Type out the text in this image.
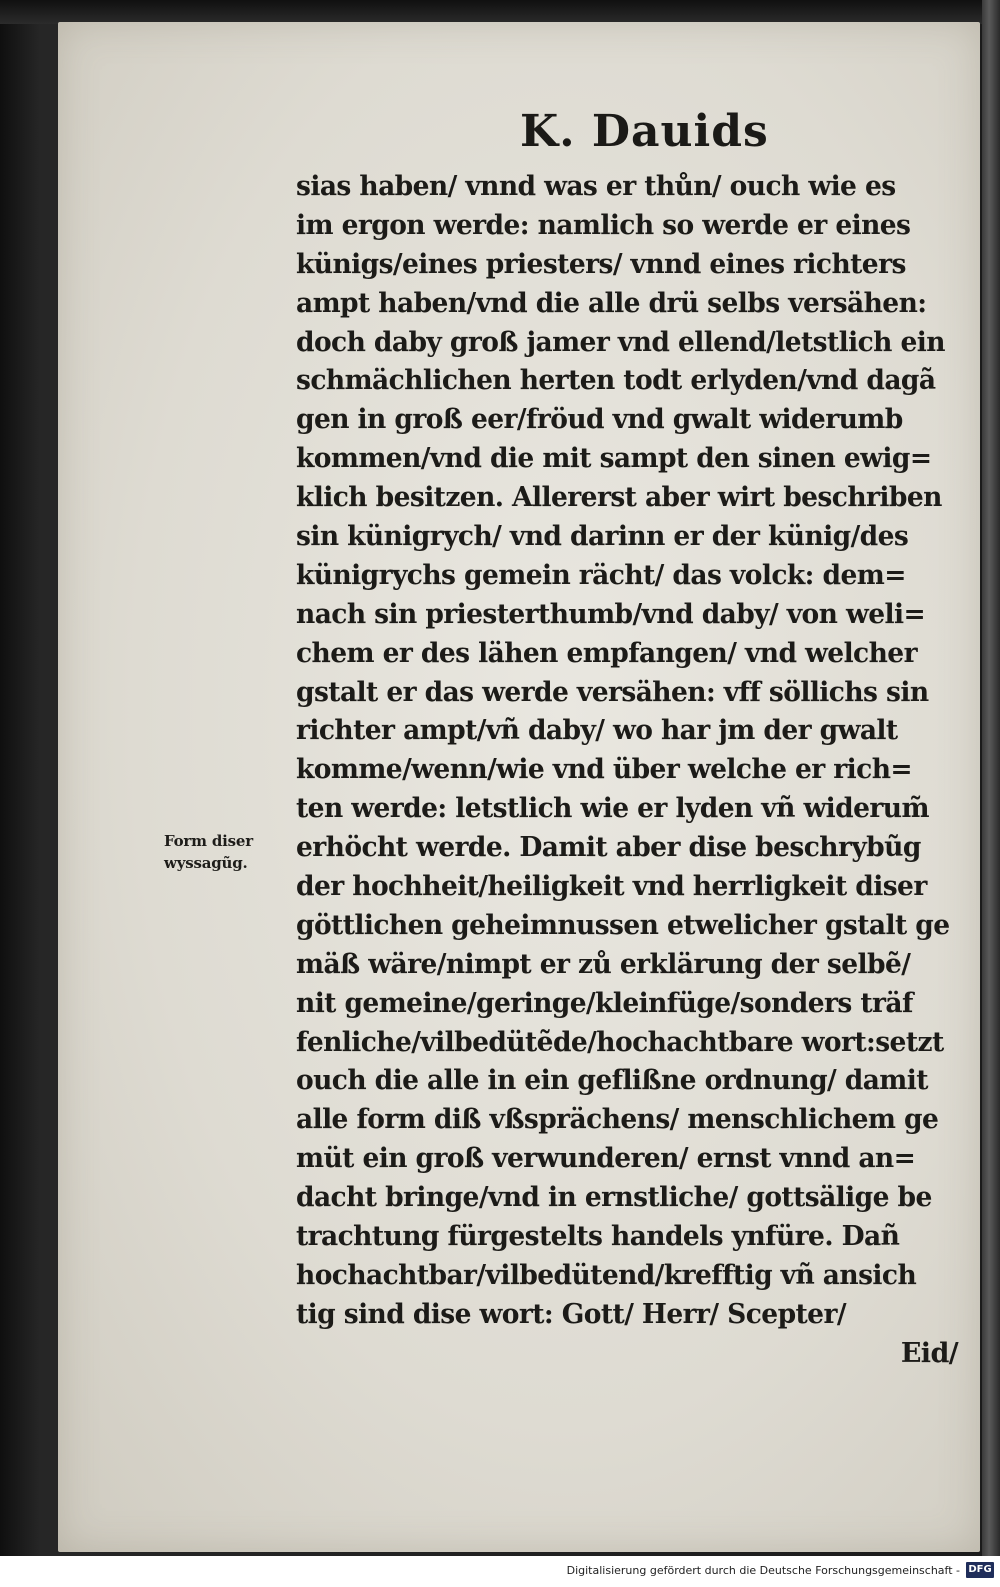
K. Dauids
Form diser
wyssagũg.
sias haben/ vnnd was er thůn/ ouch wie es
im ergon werde: namlich so werde er eines
künigs/eines priesters/ vnnd eines richters
ampt haben/vnd die alle drü selbs versähen:
doch daby groß jamer vnd ellend/letstlich ein
schmächlichen herten todt erlyden/vnd dagã
gen in groß eer/fröud vnd gwalt widerumb
kommen/vnd die mit sampt den sinen ewig=
klich besitzen. Allererst aber wirt beschriben
sin künigrych/ vnd darinn er der künig/des
künigrychs gemein rächt/ das volck: dem=
nach sin priesterthumb/vnd daby/ von weli=
chem er des lähen empfangen/ vnd welcher
gstalt er das werde versähen: vff söllichs sin
richter ampt/vñ daby/ wo har jm der gwalt
komme/wenn/wie vnd über welche er rich=
ten werde: letstlich wie er lyden vñ widerum̃
erhöcht werde. Damit aber dise beschrybũg
der hochheit/heiligkeit vnd herrligkeit diser
göttlichen geheimnussen etwelicher gstalt ge
mäß wäre/nimpt er zů erklärung der selbẽ/
nit gemeine/geringe/kleinfüge/sonders träf
fenliche/vilbedütẽde/hochachtbare wort:setzt
ouch die alle in ein geflißne ordnung/ damit
alle form diß vßsprächens/ menschlichem ge
müt ein groß verwunderen/ ernst vnnd an=
dacht bringe/vnd in ernstliche/ gottsälige be
trachtung fürgestelts handels ynfüre. Dañ
hochachtbar/vilbedütend/krefftig vñ ansich
tig sind dise wort: Gott/ Herr/ Scepter/
Eid/
Digitalisierung gefördert durch die Deutsche Forschungsgemeinschaft - DFG
